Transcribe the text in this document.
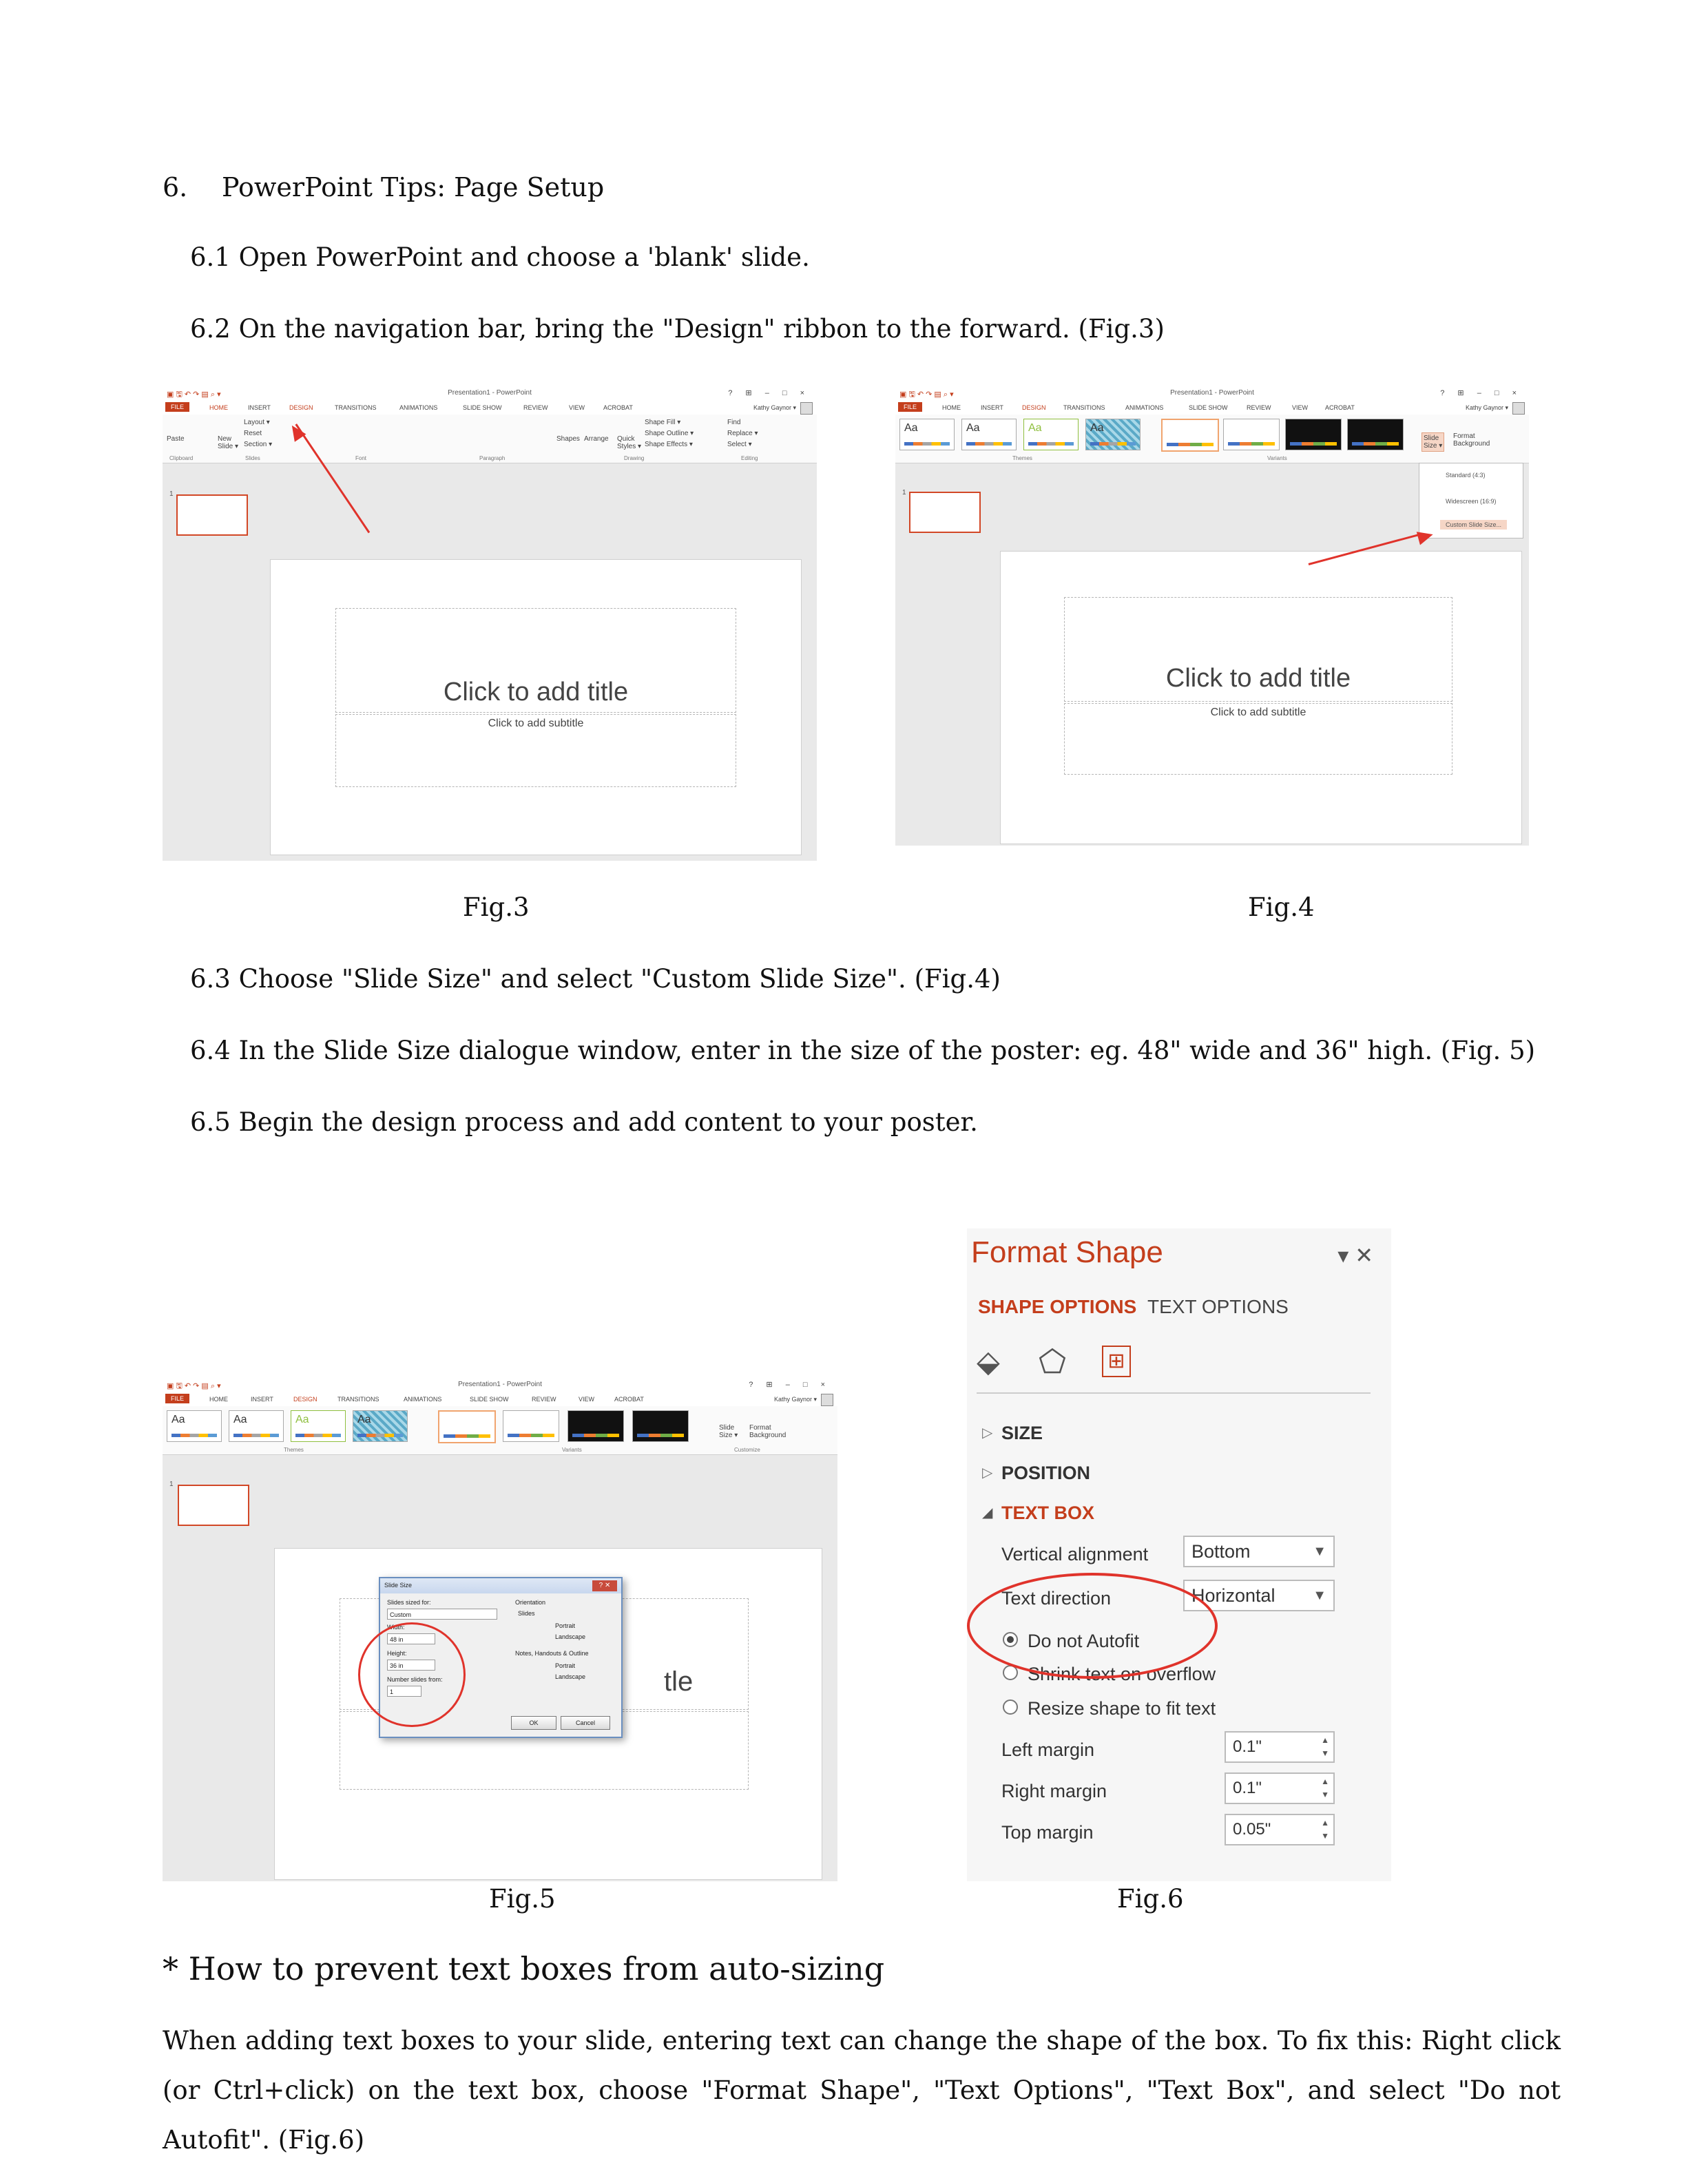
6. PowerPoint Tips: Page Setup
6.1 Open PowerPoint and choose a 'blank' slide.
6.2 On the navigation bar, bring the "Design" ribbon to the forward. (Fig.3)
▣ 🖫 ↶ ↷ ▤ ⌕ ▾	Presentation1 - PowerPoint	? ⊞ – □ ×
FILE	HOME	INSERT	DESIGN	TRANSITIONS	ANIMATIONS	SLIDE SHOW	REVIEW	VIEW	ACROBAT	Kathy Gaynor ▾
Paste	New
Slide ▾
Layout ▾
Reset
Section ▾
Shapes Arrange Quick
Styles ▾
Shape Fill ▾
Shape Outline ▾
Shape Effects ▾
Find
Replace ▾
Select ▾
Clipboard	Slides	Font	Paragraph	Drawing	Editing
1
Click to add title
Click to add subtitle
▣ 🖫 ↶ ↷ ▤ ⌕ ▾	Presentation1 - PowerPoint	? ⊞ – □ ×
FILE	HOME	INSERT	DESIGN	TRANSITIONS	ANIMATIONS	SLIDE SHOW	REVIEW	VIEW	ACROBAT	Kathy Gaynor ▾
Aa	Aa	Aa	Aa
Slide
Size ▾
Format
Background
Themes	Variants
Standard (4:3)
Widescreen (16:9)
Custom Slide Size...
1
Click to add title
Click to add subtitle
Fig.3	Fig.4
6.3 Choose "Slide Size" and select "Custom Slide Size". (Fig.4)
6.4 In the Slide Size dialogue window, enter in the size of the poster: eg. 48" wide and 36" high. (Fig. 5)
6.5 Begin the design process and add content to your poster.
▣ 🖫 ↶ ↷ ▤ ⌕ ▾	Presentation1 - PowerPoint	? ⊞ – □ ×
FILE	HOME	INSERT	DESIGN	TRANSITIONS	ANIMATIONS	SLIDE SHOW	REVIEW	VIEW	ACROBAT	Kathy Gaynor ▾
Aa	Aa	Aa	Aa
Slide
Size ▾
Format
Background
Themes	Variants	Customize
1
tle
Slide Size	? ✕
Slides sized for:
Custom
Width:
48 in
Height:
36 in
Number slides from:
1
Orientation
Slides
Portrait
Landscape
Notes, Handouts & Outline
Portrait
Landscape
OK	Cancel
Format Shape	▾ ✕
SHAPE OPTIONS TEXT OPTIONS
⬙ ⬠ ⊞
SIZE
▷
POSITION
▷
TEXT BOX
◢
Vertical alignment	Bottom	▼
Text direction	Horizontal	▼
Do not Autofit
Shrink text on overflow
Resize shape to fit text
Left margin	0.1"	▲
▼
Right margin	0.1"	▲
▼
Top margin	0.05"	▲
▼
Fig.5	Fig.6
* How to prevent text boxes from auto-sizing
When adding text boxes to your slide, entering text can change the shape of the box. To fix this: Right click (or Ctrl+click) on the text box, choose "Format Shape", "Text Options", "Text Box", and select "Do not Autofit". (Fig.6)
